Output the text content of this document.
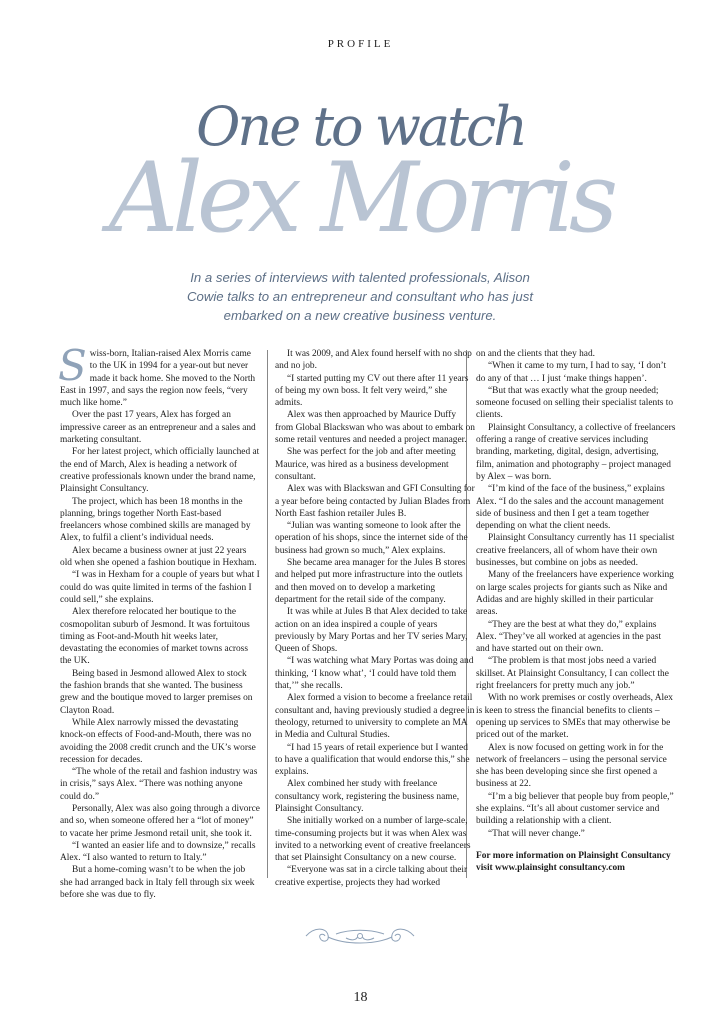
PROFILE
One to watch
Alex Morris
In a series of interviews with talented professionals, Alison Cowie talks to an entrepreneur and consultant who has just embarked on a new creative business venture.

Swiss-born, Italian-raised Alex Morris came to the UK in 1994 for a year-out but never made it back home. She moved to the North East in 1997, and says the region now feels, “very much like home.”

Over the past 17 years, Alex has forged an impressive career as an entrepreneur and a sales and marketing consultant.

For her latest project, which officially launched at the end of March, Alex is heading a network of creative professionals known under the brand name, Plainsight Consultancy.

The project, which has been 18 months in the planning, brings together North East-based freelancers whose combined skills are managed by Alex, to fulfil a client’s individual needs.

Alex became a business owner at just 22 years old when she opened a fashion boutique in Hexham.

“I was in Hexham for a couple of years but what I could do was quite limited in terms of the fashion I could sell,” she explains.

Alex therefore relocated her boutique to the cosmopolitan suburb of Jesmond. It was fortuitous timing as Foot-and-Mouth hit weeks later, devastating the economies of market towns across the UK.

Being based in Jesmond allowed Alex to stock the fashion brands that she wanted. The business grew and the boutique moved to larger premises on Clayton Road.

While Alex narrowly missed the devastating knock-on effects of Food-and-Mouth, there was no avoiding the 2008 credit crunch and the UK’s worse recession for decades.

“The whole of the retail and fashion industry was in crisis,” says Alex. “There was nothing anyone could do.”

Personally, Alex was also going through a divorce and so, when someone offered her a “lot of money” to vacate her prime Jesmond retail unit, she took it.

“I wanted an easier life and to downsize,” recalls Alex. “I also wanted to return to Italy.”

But a home-coming wasn’t to be when the job she had arranged back in Italy fell through six week before she was due to fly.

It was 2009, and Alex found herself with no shop and no job.

“I started putting my CV out there after 11 years of being my own boss. It felt very weird,” she admits.

Alex was then approached by Maurice Duffy from Global Blackswan who was about to embark on some retail ventures and needed a project manager.

She was perfect for the job and after meeting Maurice, was hired as a business development consultant.

Alex was with Blackswan and GFI Consulting for a year before being contacted by Julian Blades from North East fashion retailer Jules B.

“Julian was wanting someone to look after the operation of his shops, since the internet side of the business had grown so much,” Alex explains.

She became area manager for the Jules B stores and helped put more infrastructure into the outlets and then moved on to develop a marketing department for the retail side of the company.

It was while at Jules B that Alex decided to take action on an idea inspired a couple of years previously by Mary Portas and her TV series Mary, Queen of Shops.

“I was watching what Mary Portas was doing and thinking, ‘I know what’, ‘I could have told them that,’” she recalls.

Alex formed a vision to become a freelance retail consultant and, having previously studied a degree in theology, returned to university to complete an MA in Media and Cultural Studies.

“I had 15 years of retail experience but I wanted to have a qualification that would endorse this,” she explains.

Alex combined her study with freelance consultancy work, registering the business name, Plainsight Consultancy.

She initially worked on a number of large-scale, time-consuming projects but it was when Alex was invited to a networking event of creative freelancers that set Plainsight Consultancy on a new course.

“Everyone was sat in a circle talking about their creative expertise, projects they had worked

on and the clients that they had.

“When it came to my turn, I had to say, ‘I don’t do any of that … I just ‘make things happen’.

“But that was exactly what the group needed; someone focused on selling their specialist talents to clients.

Plainsight Consultancy, a collective of freelancers offering a range of creative services including branding, marketing, digital, design, advertising, film, animation and photography – project managed by Alex – was born.

“I’m kind of the face of the business,” explains Alex. “I do the sales and the account management side of business and then I get a team together depending on what the client needs.

Plainsight Consultancy currently has 11 specialist creative freelancers, all of whom have their own businesses, but combine on jobs as needed.

Many of the freelancers have experience working on large scales projects for giants such as Nike and Adidas and are highly skilled in their particular areas.

“They are the best at what they do,” explains Alex. “They’ve all worked at agencies in the past and have started out on their own.

“The problem is that most jobs need a varied skillset. At Plainsight Consultancy, I can collect the right freelancers for pretty much any job.”

With no work premises or costly overheads, Alex is keen to stress the financial benefits to clients – opening up services to SMEs that may otherwise be priced out of the market.

Alex is now focused on getting work in for the network of freelancers – using the personal service she has been developing since she first opened a business at 22.

“I’m a big believer that people buy from people,” she explains. “It’s all about customer service and building a relationship with a client.

“That will never change.”

For more information on Plainsight Consultancy visit www.plainsight consultancy.com

18
